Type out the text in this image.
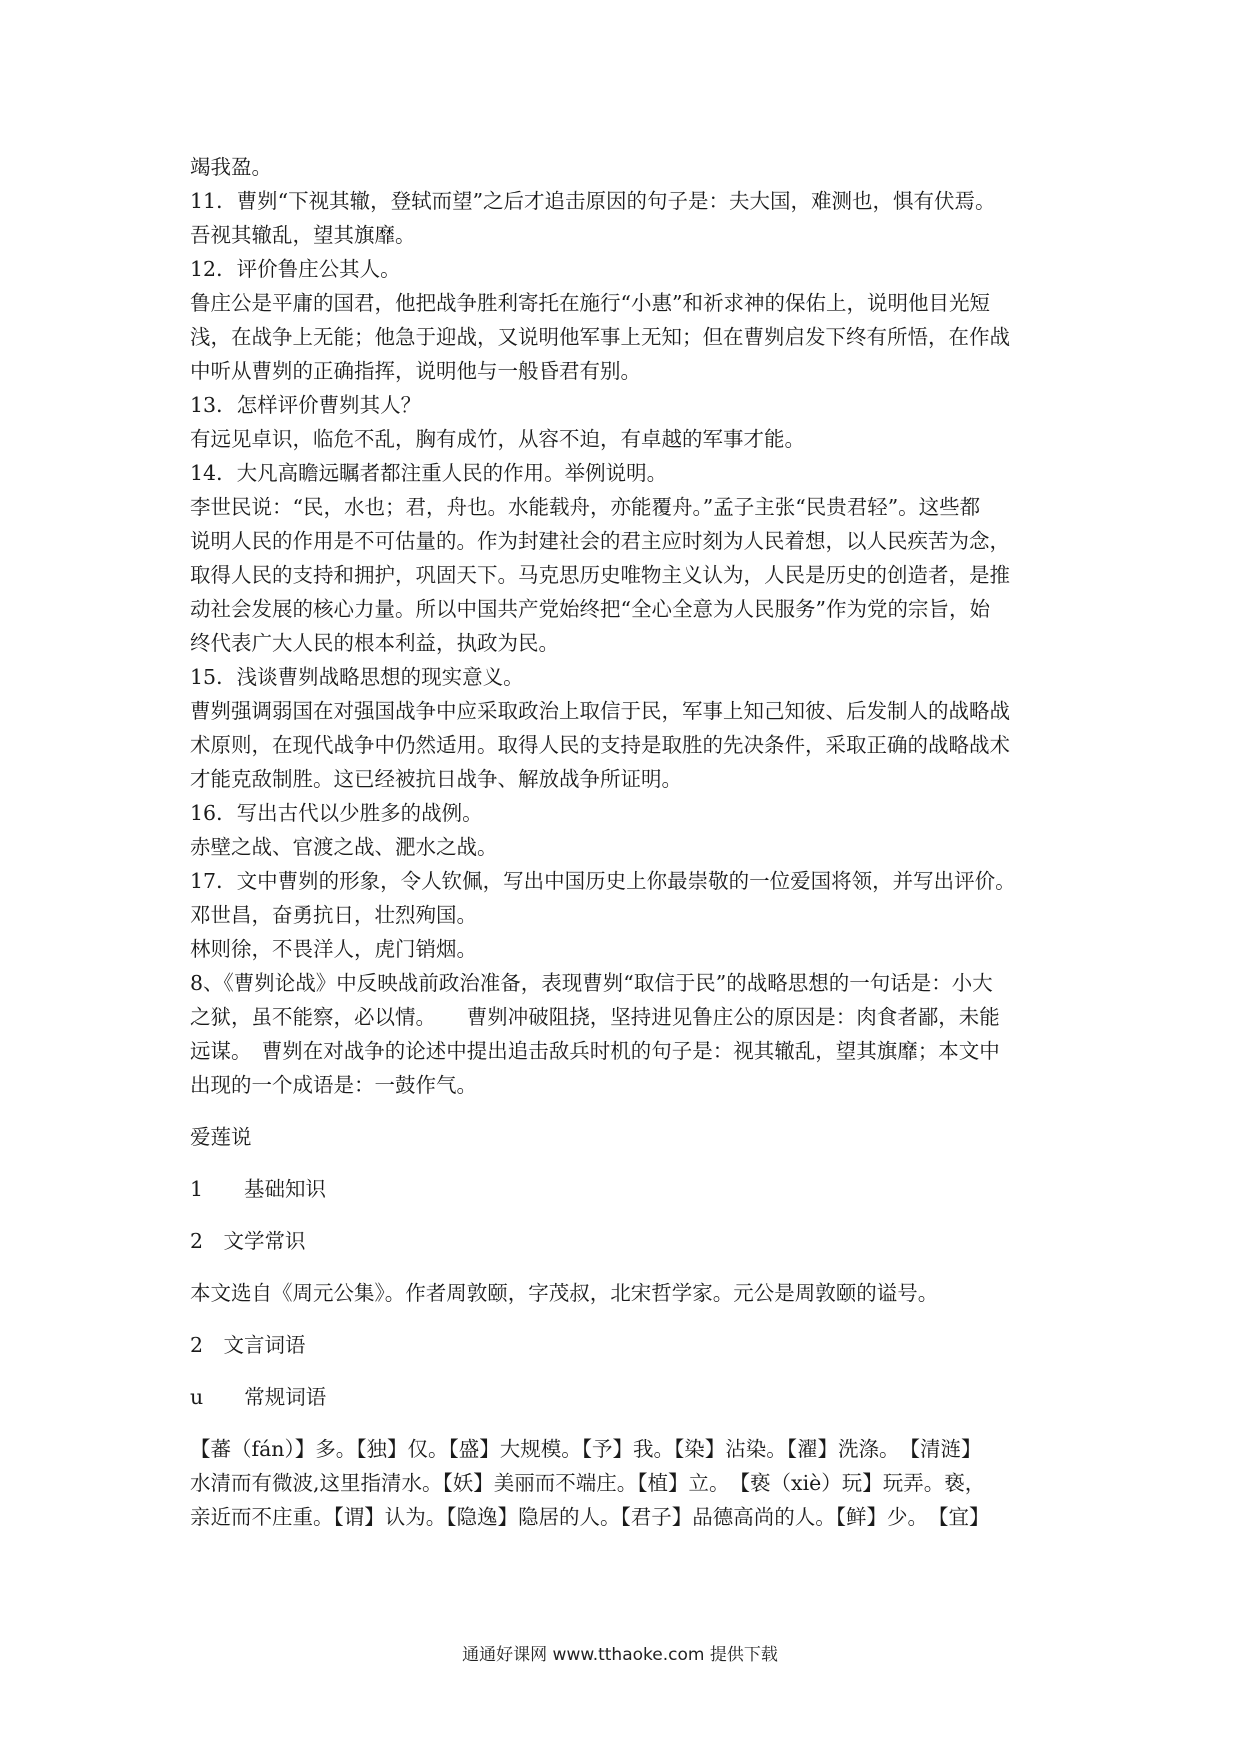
竭我盈。
11．曹刿“下视其辙，登轼而望”之后才追击原因的句子是：夫大国，难测也，惧有伏焉。
吾视其辙乱，望其旗靡。
12．评价鲁庄公其人。
鲁庄公是平庸的国君，他把战争胜利寄托在施行“小惠”和祈求神的保佑上，说明他目光短
浅，在战争上无能；他急于迎战，又说明他军事上无知；但在曹刿启发下终有所悟，在作战
中听从曹刿的正确指挥，说明他与一般昏君有别。
13．怎样评价曹刿其人？
有远见卓识，临危不乱，胸有成竹，从容不迫，有卓越的军事才能。
14．大凡高瞻远瞩者都注重人民的作用。举例说明。
李世民说：“民，水也；君，舟也。水能载舟，亦能覆舟。”孟子主张“民贵君轻”。这些都
说明人民的作用是不可估量的。作为封建社会的君主应时刻为人民着想，以人民疾苦为念，
取得人民的支持和拥护，巩固天下。马克思历史唯物主义认为，人民是历史的创造者，是推
动社会发展的核心力量。所以中国共产党始终把“全心全意为人民服务”作为党的宗旨，始
终代表广大人民的根本利益，执政为民。
15．浅谈曹刿战略思想的现实意义。
曹刿强调弱国在对强国战争中应采取政治上取信于民，军事上知己知彼、后发制人的战略战
术原则，在现代战争中仍然适用。取得人民的支持是取胜的先决条件，采取正确的战略战术
才能克敌制胜。这已经被抗日战争、解放战争所证明。
16．写出古代以少胜多的战例。
赤壁之战、官渡之战、淝水之战。
17．文中曹刿的形象，令人钦佩，写出中国历史上你最崇敬的一位爱国将领，并写出评价。
邓世昌，奋勇抗日，壮烈殉国。
林则徐，不畏洋人，虎门销烟。
8、《曹刿论战》中反映战前政治准备，表现曹刿“取信于民”的战略思想的一句话是：小大
之狱，虽不能察，必以情。　　曹刿冲破阻挠，坚持进见鲁庄公的原因是：肉食者鄙，未能
远谋。　曹刿在对战争的论述中提出追击敌兵时机的句子是：视其辙乱，望其旗靡；本文中
出现的一个成语是：一鼓作气。
爱莲说
1　　基础知识
2　文学常识
本文选自《周元公集》。作者周敦颐，字茂叔，北宋哲学家。元公是周敦颐的谥号。
2　文言词语
u　　常规词语
【蕃（fán）】多。【独】仅。【盛】大规模。【予】我。【染】沾染。【濯】洗涤。　【清涟】
水清而有微波,这里指清水。【妖】美丽而不端庄。【植】立。　【亵（xiè）玩】玩弄。亵，
亲近而不庄重。【谓】认为。【隐逸】隐居的人。【君子】品德高尚的人。【鲜】少。　【宜】
通通好课网 www.tthaoke.com 提供下载
